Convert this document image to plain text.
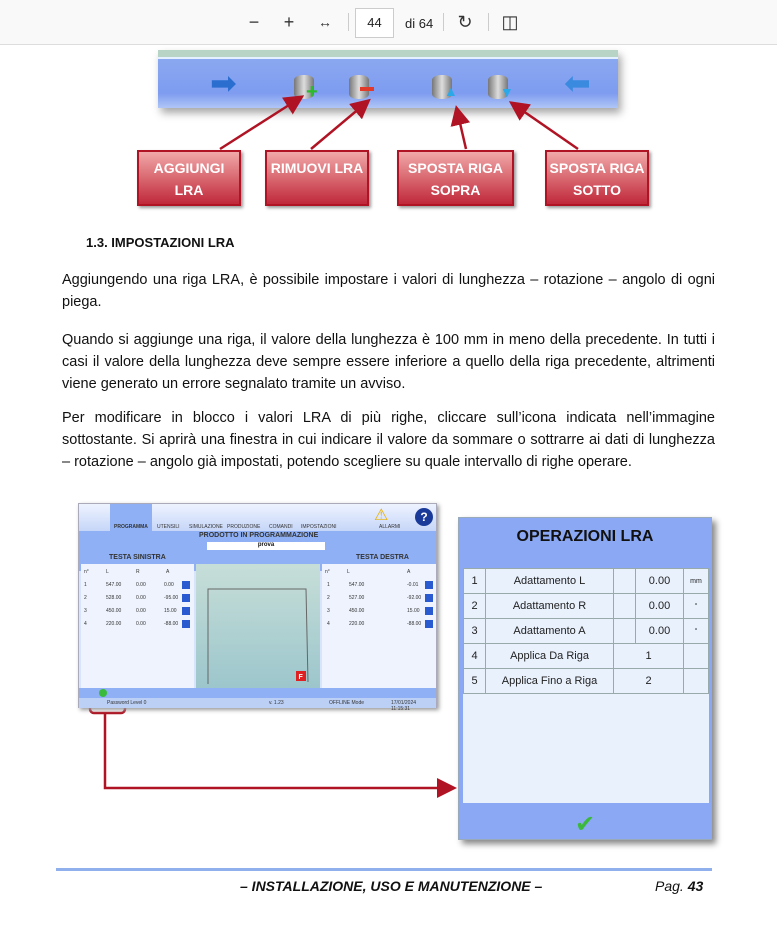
−	+	↔	44	di 64 ↻ ◫
➡	+	▲	▼ ⬅
AGGIUNGI LRA
RIMUOVI LRA	SPOSTA RIGA SOPRA
SPOSTA RIGA SOTTO
1.3. IMPOSTAZIONI LRA
Aggiungendo una riga LRA, è possibile impostare i valori di lunghezza – rotazione – angolo di ogni piega.
Quando si aggiunge una riga, il valore della lunghezza è 100 mm in meno della precedente. In tutti i casi il valore della lunghezza deve sempre essere inferiore a quello della riga precedente, altrimenti viene generato un errore segnalato tramite un avviso.
Per modificare in blocco i valori LRA di più righe, cliccare sull’icona indicata nell’immagine sottostante. Si aprirà una finestra in cui indicare il valore da sommare o sottrarre ai dati di lunghezza – rotazione – angolo già impostati, potendo scegliere su quale intervallo di righe operare.
PROGRAMMA UTENSILI SIMULAZIONE PRODUZIONE COMANDI IMPOSTAZIONI
⚠
ALLARMI
?
PRODOTTO IN PROGRAMMAZIONE
prova
TESTA SINISTRA	TESTA DESTRA
n°	L	R	A
F
n°	L	A
Password Level 0	v. 1.23	OFFLINE Mode	17/01/2024 11:15:31
1	547.00	0.00	0.00
2	528.00	0.00	-95.00
3	450.00	0.00	15.00
4	220.00	0.00	-88.00
1	547.00	-0.01
2	527.00	-92.00
3	450.00	15.00
4	220.00	-88.00
OPERAZIONI LRA
1	Adattamento L		0.00	mm
2	Adattamento R		0.00	°
3	Adattamento A		0.00	°
4	Applica Da Riga	1		
5	Applica Fino a Riga	2		
✔
– INSTALLAZIONE, USO E MANUTENZIONE –	Pag. 43
